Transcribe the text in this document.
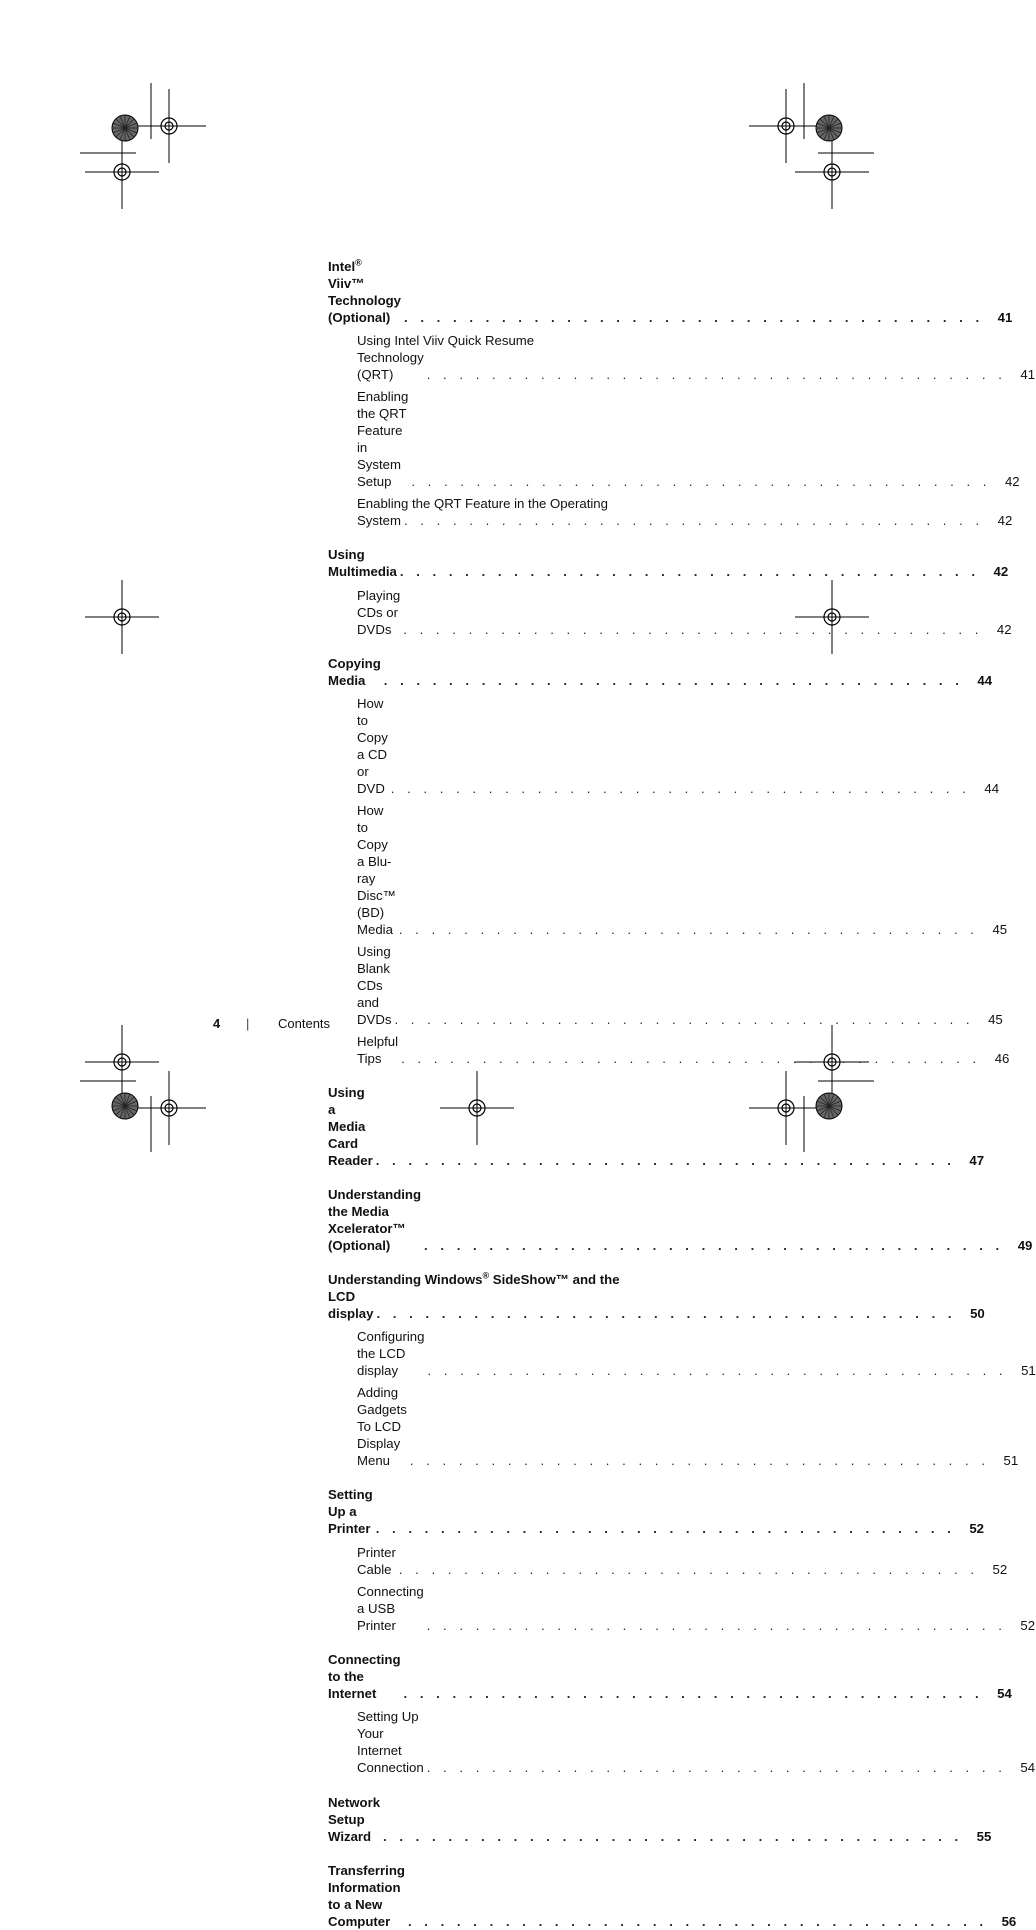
Intel® Viiv™ Technology (Optional)	. . . . . . . . . . . . . . . . . . . . . . . . . . . . . . . . . . . . 41
Using Intel Viiv Quick Resume
Technology (QRT)	. . . . . . . . . . . . . . . . . . . . . . . . . . . . . . . . . . . . 41
Enabling the QRT Feature in System Setup	. . . . . . . . . . . . . . . . . . . . . . . . . . . . . . . . . . . . 42
Enabling the QRT Feature in the Operating
System . . . . . . . . . . . . . . . . . . . . . . . . . . . . . . . . . . . . 42
Using Multimedia . . . . . . . . . . . . . . . . . . . . . . . . . . . . . . . . . . . . 42
Playing CDs or DVDs . . . . . . . . . . . . . . . . . . . . . . . . . . . . . . . . . . . . 42
Copying Media	. . . . . . . . . . . . . . . . . . . . . . . . . . . . . . . . . . . . 44
How to Copy a CD or DVD . . . . . . . . . . . . . . . . . . . . . . . . . . . . . . . . . . . . 44
How to Copy a Blu-ray Disc™ (BD) Media . . . . . . . . . . . . . . . . . . . . . . . . . . . . . . . . . . . . 45
Using Blank CDs and DVDs . . . . . . . . . . . . . . . . . . . . . . . . . . . . . . . . . . . . 45
Helpful Tips	. . . . . . . . . . . . . . . . . . . . . . . . . . . . . . . . . . . . 46
Using a Media Card Reader . . . . . . . . . . . . . . . . . . . . . . . . . . . . . . . . . . . . 47
Understanding the Media Xcelerator™ (Optional)	. . . . . . . . . . . . . . . . . . . . . . . . . . . . . . . . . . . . 49
Understanding Windows® SideShow™ and the
LCD display . . . . . . . . . . . . . . . . . . . . . . . . . . . . . . . . . . . . 50
Configuring the LCD display	. . . . . . . . . . . . . . . . . . . . . . . . . . . . . . . . . . . . 51
Adding Gadgets To LCD Display Menu	. . . . . . . . . . . . . . . . . . . . . . . . . . . . . . . . . . . . 51
Setting Up a Printer . . . . . . . . . . . . . . . . . . . . . . . . . . . . . . . . . . . . 52
Printer Cable . . . . . . . . . . . . . . . . . . . . . . . . . . . . . . . . . . . . 52
Connecting a USB Printer	. . . . . . . . . . . . . . . . . . . . . . . . . . . . . . . . . . . . 52
Connecting to the Internet	. . . . . . . . . . . . . . . . . . . . . . . . . . . . . . . . . . . . 54
Setting Up Your Internet Connection . . . . . . . . . . . . . . . . . . . . . . . . . . . . . . . . . . . . 54
Network Setup Wizard . . . . . . . . . . . . . . . . . . . . . . . . . . . . . . . . . . . . 55
Transferring Information to a New Computer	. . . . . . . . . . . . . . . . . . . . . . . . . . . . . . . . . . . . 56
4 | Contents
